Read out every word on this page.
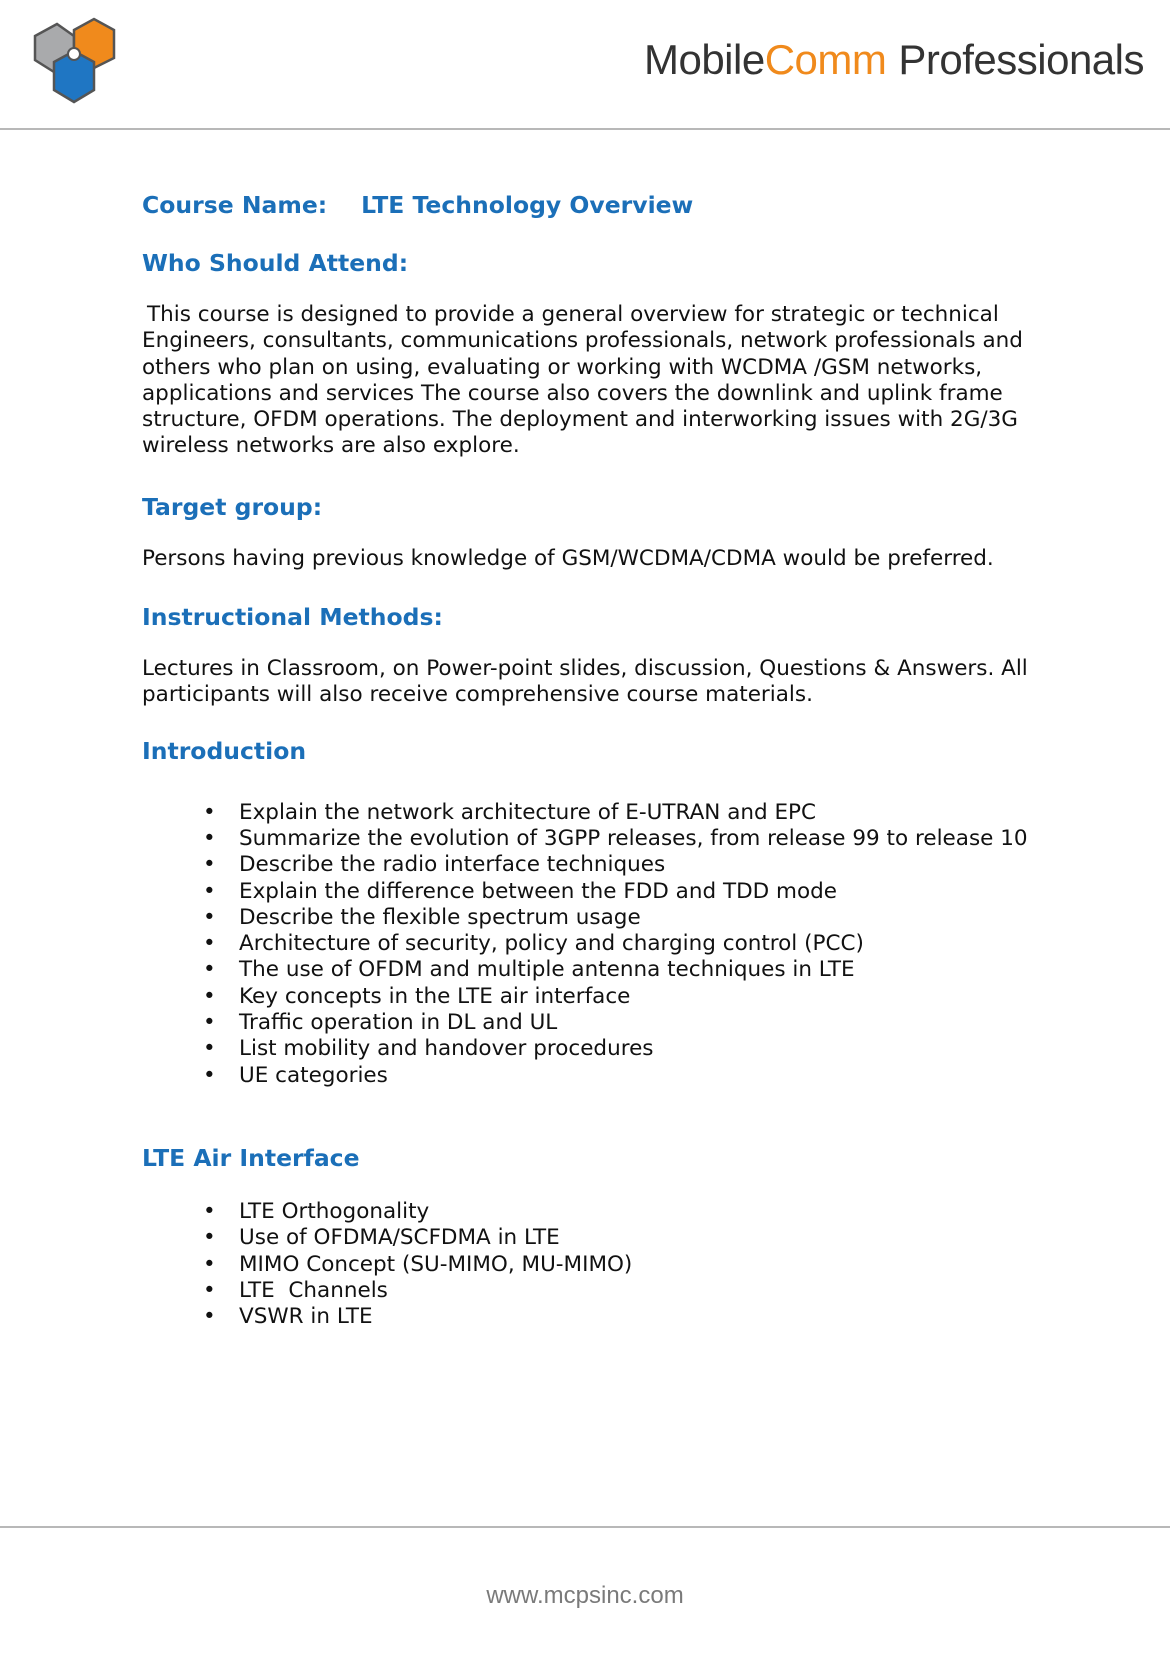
MobileComm Professionals
Course Name: LTE Technology Overview
Who Should Attend:

This course is designed to provide a general overview for strategic or technical Engineers, consultants, communications professionals, network professionals and others who plan on using, evaluating or working with WCDMA /GSM networks, applications and services The course also covers the downlink and uplink frame structure, OFDM operations. The deployment and interworking issues with 2G/3G wireless networks are also explore.

Target group:

Persons having previous knowledge of GSM/WCDMA/CDMA would be preferred.

Instructional Methods:

Lectures in Classroom, on Power-point slides, discussion, Questions & Answers. All participants will also receive comprehensive course materials.

Introduction
• Explain the network architecture of E-UTRAN and EPC
• Summarize the evolution of 3GPP releases, from release 99 to release 10
• Describe the radio interface techniques
• Explain the difference between the FDD and TDD mode
• Describe the flexible spectrum usage
• Architecture of security, policy and charging control (PCC)
• The use of OFDM and multiple antenna techniques in LTE
• Key concepts in the LTE air interface
• Traffic operation in DL and UL
• List mobility and handover procedures
• UE categories
LTE Air Interface
• LTE Orthogonality
• Use of OFDMA/SCFDMA in LTE
• MIMO Concept (SU-MIMO, MU-MIMO)
• LTE  Channels
• VSWR in LTE
www.mcpsinc.com
